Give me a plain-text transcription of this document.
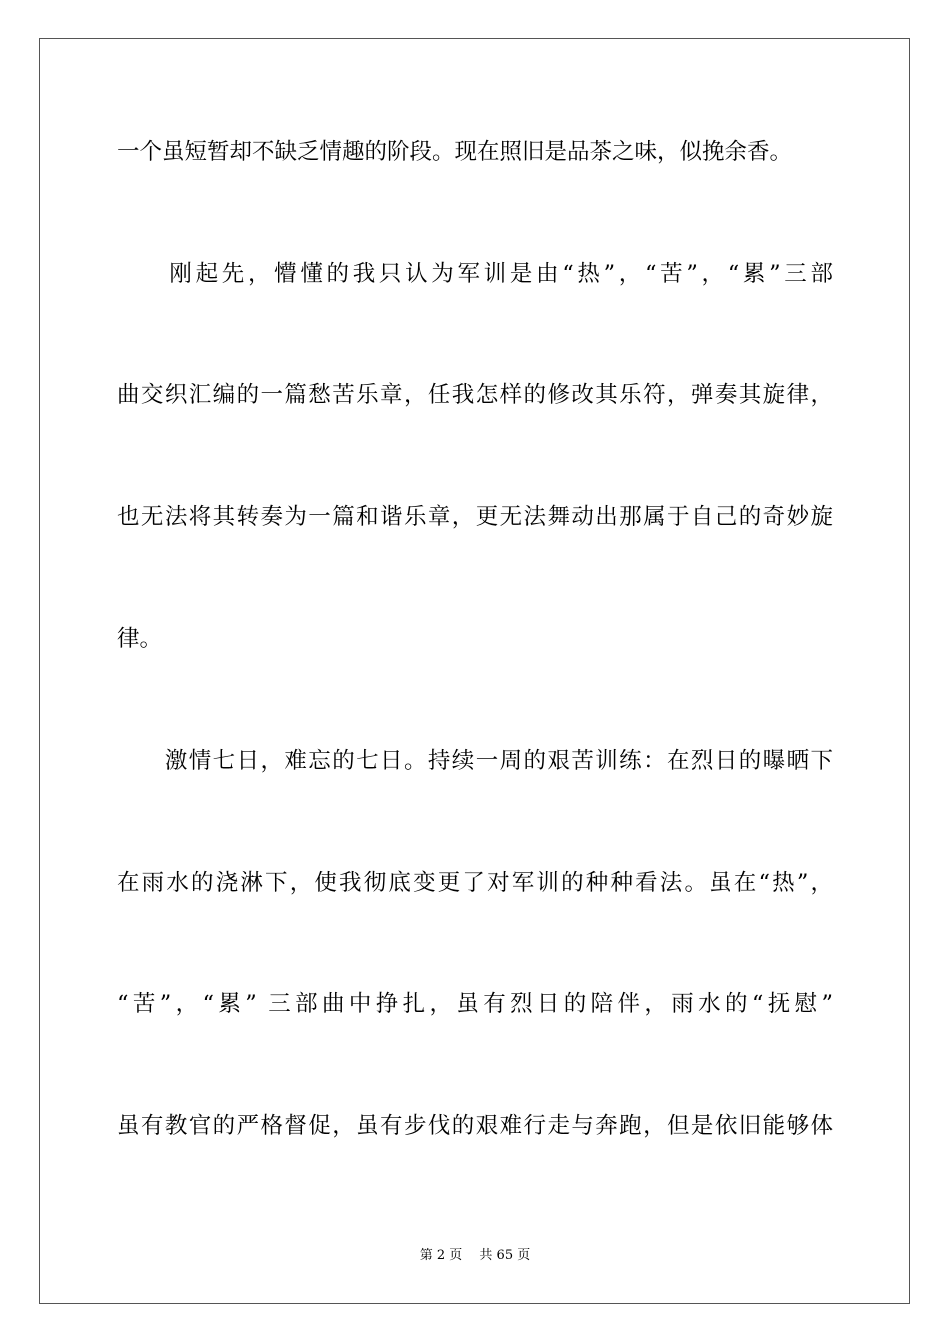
一个虽短暂却不缺乏情趣的阶段。现在照旧是品茶之味，似挽余香。
　　刚起先，懵懂的我只认为军训是由“热”，“苦”，“累”三部
曲交织汇编的一篇愁苦乐章，任我怎样的修改其乐符，弹奏其旋律，
也无法将其转奏为一篇和谐乐章，更无法舞动出那属于自己的奇妙旋
律。
　　激情七日，难忘的七日。持续一周的艰苦训练：在烈日的曝晒下
在雨水的浇淋下，使我彻底变更了对军训的种种看法。虽在“热”，
“苦”，“累” 三部曲中挣扎，虽有烈日的陪伴，雨水的“抚慰”
虽有教官的严格督促，虽有步伐的艰难行走与奔跑，但是依旧能够体
第 2 页　 共 65 页
